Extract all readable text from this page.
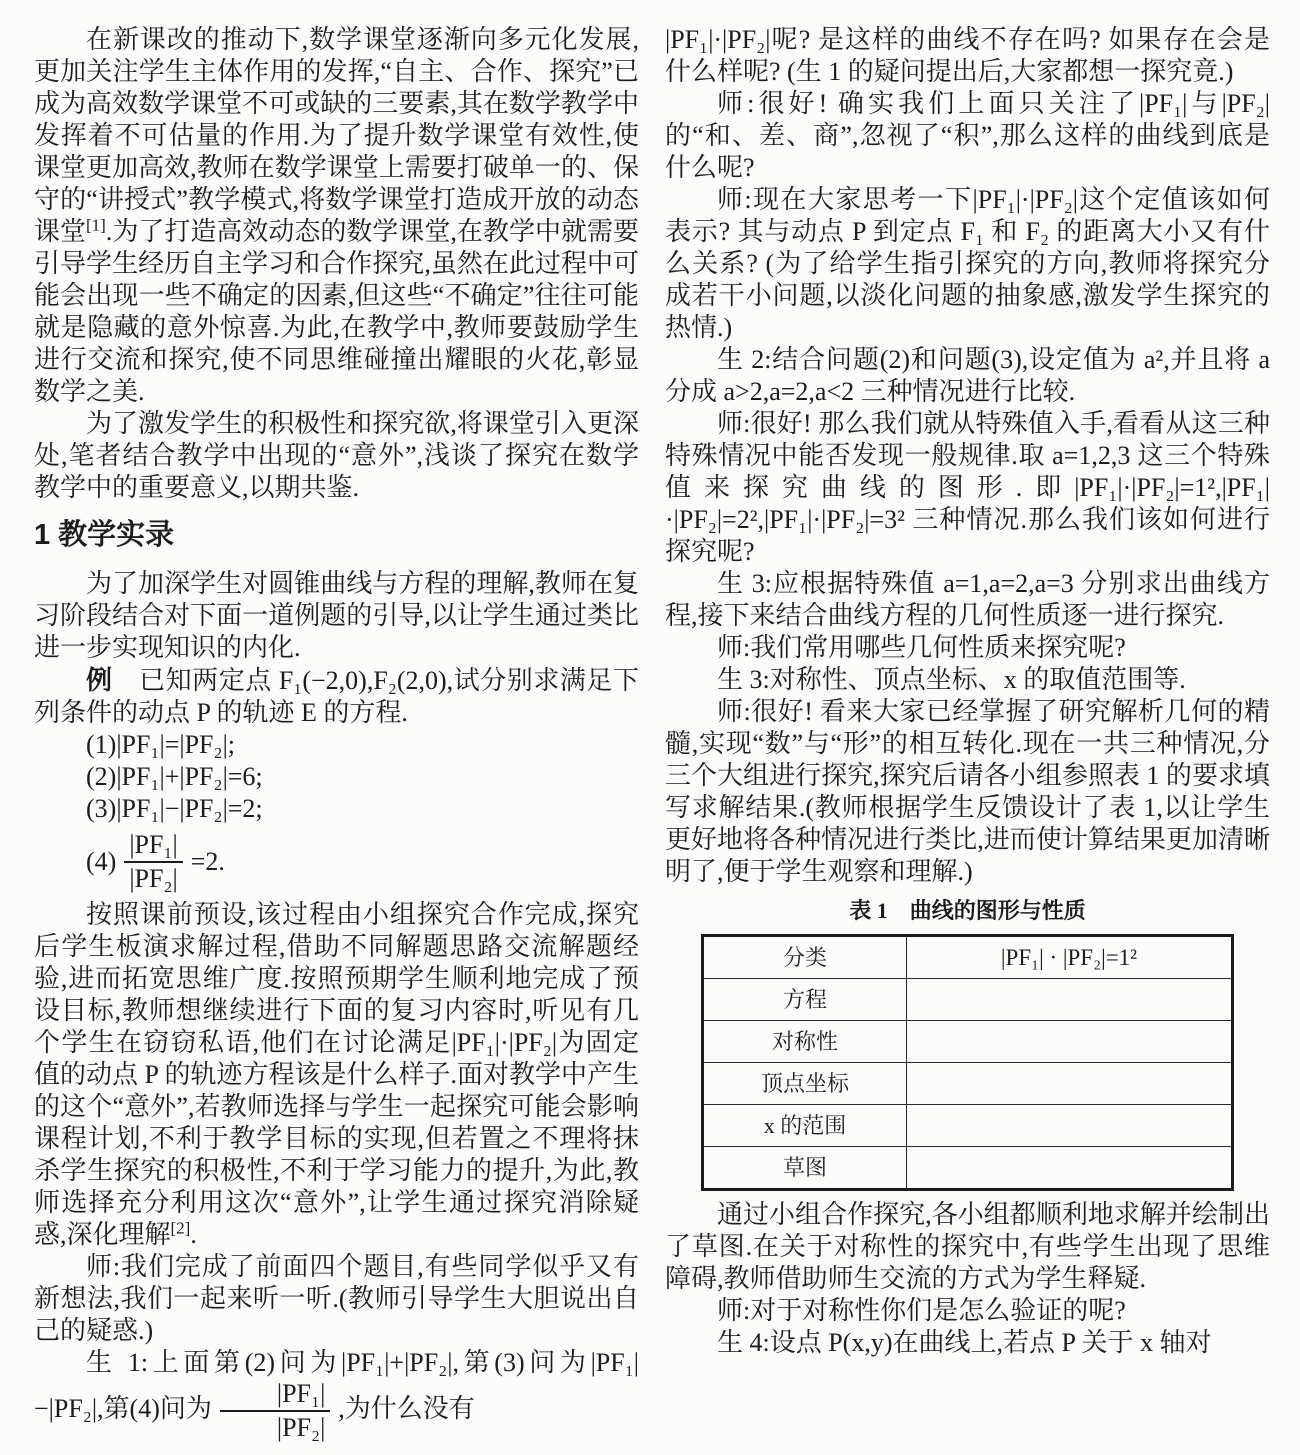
在新课改的推动下,数学课堂逐渐向多元化发展,更加关注学生主体作用的发挥,“自主、合作、探究”已成为高效数学课堂不可或缺的三要素,其在数学教学中发挥着不可估量的作用.为了提升数学课堂有效性,使课堂更加高效,教师在数学课堂上需要打破单一的、保守的“讲授式”教学模式,将数学课堂打造成开放的动态课堂[1].为了打造高效动态的数学课堂,在教学中就需要引导学生经历自主学习和合作探究,虽然在此过程中可能会出现一些不确定的因素,但这些“不确定”往往可能就是隐藏的意外惊喜.为此,在教学中,教师要鼓励学生进行交流和探究,使不同思维碰撞出耀眼的火花,彰显数学之美.

为了激发学生的积极性和探究欲,将课堂引入更深处,笔者结合教学中出现的“意外”,浅谈了探究在数学教学中的重要意义,以期共鉴.

1 教学实录

为了加深学生对圆锥曲线与方程的理解,教师在复习阶段结合对下面一道例题的引导,以让学生通过类比进一步实现知识的内化.

例　已知两定点 F₁(−2,0),F₂(2,0),试分别求满足下列条件的动点 P 的轨迹 E 的方程.

(1)|PF₁|=|PF₂|;

(2)|PF₁|+|PF₂|=6;

(3)|PF₁|−|PF₂|=2;

$(4) \frac{\text{|PF₁|}}{\text{|PF₂|}} =2$.

按照课前预设,该过程由小组探究合作完成,探究后学生板演求解过程,借助不同解题思路交流解题经验,进而拓宽思维广度.按照预期学生顺利地完成了预设目标,教师想继续进行下面的复习内容时,听见有几个学生在窃窃私语,他们在讨论满足|PF₁|·|PF₂|为固定值的动点 P 的轨迹方程该是什么样子.面对教学中产生的这个“意外”,若教师选择与学生一起探究可能会影响课程计划,不利于教学目标的实现,但若置之不理将抹杀学生探究的积极性,不利于学习能力的提升,为此,教师选择充分利用这次“意外”,让学生通过探究消除疑惑,深化理解[2].

师:我们完成了前面四个题目,有些同学似乎又有新想法,我们一起来听一听.(教师引导学生大胆说出自己的疑惑.)

生 1:上面第(2)问为|PF₁|+|PF₂|,第(3)问为|PF₁|−|PF₂|,第(4)问为 $\frac{\text{|PF₁|}}{\text{|PF₂|}}$ ,为什么没有

|PF₁|·|PF₂|呢? 是这样的曲线不存在吗? 如果存在会是什么样呢? (生 1 的疑问提出后,大家都想一探究竟.)

师:很好! 确实我们上面只关注了|PF₁|与|PF₂|的“和、差、商”,忽视了“积”,那么这样的曲线到底是什么呢?

师:现在大家思考一下|PF₁|·|PF₂|这个定值该如何表示? 其与动点 P 到定点 F₁ 和 F₂ 的距离大小又有什么关系? (为了给学生指引探究的方向,教师将探究分成若干小问题,以淡化问题的抽象感,激发学生探究的热情.)

生 2:结合问题(2)和问题(3),设定值为 a²,并且将 a 分成 a>2,a=2,a<2 三种情况进行比较.

师:很好! 那么我们就从特殊值入手,看看从这三种特殊情况中能否发现一般规律.取 a=1,2,3 这三个特殊值来探究曲线的图形.即|PF₁|·|PF₂|=1²,|PF₁|·|PF₂|=2²,|PF₁|·|PF₂|=3² 三种情况.那么我们该如何进行探究呢?

生 3:应根据特殊值 a=1,a=2,a=3 分别求出曲线方程,接下来结合曲线方程的几何性质逐一进行探究.

师:我们常用哪些几何性质来探究呢?

生 3:对称性、顶点坐标、x 的取值范围等.

师:很好! 看来大家已经掌握了研究解析几何的精髓,实现“数”与“形”的相互转化.现在一共三种情况,分三个大组进行探究,探究后请各小组参照表 1 的要求填写求解结果.(教师根据学生反馈设计了表 1,以让学生更好地将各种情况进行类比,进而使计算结果更加清晰明了,便于学生观察和理解.)

表 1 曲线的图形与性质
分类	|PF₁| · |PF₂|=1²
方程	
对称性	
顶点坐标	
x 的范围	
草图	

通过小组合作探究,各小组都顺利地求解并绘制出了草图.在关于对称性的探究中,有些学生出现了思维障碍,教师借助师生交流的方式为学生释疑.

师:对于对称性你们是怎么验证的呢?

生 4:设点 P(x,y)在曲线上,若点 P 关于 x 轴对
